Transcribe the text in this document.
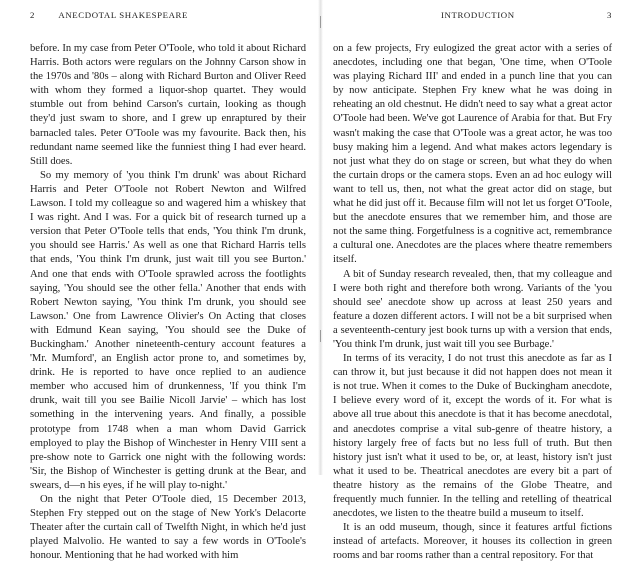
2	ANECDOTAL SHAKESPEARE

before. In my case from Peter O'Toole, who told it about Richard Harris. Both actors were regulars on the Johnny Carson show in the 1970s and '80s – along with Richard Burton and Oliver Reed with whom they formed a liquor-shop quartet. They would stumble out from behind Carson's curtain, looking as though they'd just swam to shore, and I grew up enraptured by their barnacled tales. Peter O'Toole was my favourite. Back then, his redundant name seemed like the funniest thing I had ever heard. Still does.

So my memory of 'you think I'm drunk' was about Richard Harris and Peter O'Toole not Robert Newton and Wilfred Lawson. I told my colleague so and wagered him a whiskey that I was right. And I was. For a quick bit of research turned up a version that Peter O'Toole tells that ends, 'You think I'm drunk, you should see Harris.' As well as one that Richard Harris tells that ends, 'You think I'm drunk, just wait till you see Burton.' And one that ends with O'Toole sprawled across the footlights saying, 'You should see the other fella.' Another that ends with Robert Newton saying, 'You think I'm drunk, you should see Lawson.' One from Lawrence Olivier's On Acting that closes with Edmund Kean saying, 'You should see the Duke of Buckingham.' Another nineteenth-century account features a 'Mr. Mumford', an English actor prone to, and sometimes by, drink. He is reported to have once replied to an audience member who accused him of drunkenness, 'If you think I'm drunk, wait till you see Bailie Nicoll Jarvie' – which has lost something in the intervening years. And finally, a possible prototype from 1748 when a man whom David Garrick employed to play the Bishop of Winchester in Henry VIII sent a pre-show note to Garrick one night with the following words: 'Sir, the Bishop of Winchester is getting drunk at the Bear, and swears, d—n his eyes, if he will play to-night.'

On the night that Peter O'Toole died, 15 December 2013, Stephen Fry stepped out on the stage of New York's Delacorte Theater after the curtain call of Twelfth Night, in which he'd just played Malvolio. He wanted to say a few words in O'Toole's honour. Mentioning that he had worked with him

INTRODUCTION	3

on a few projects, Fry eulogized the great actor with a series of anecdotes, including one that began, 'One time, when O'Toole was playing Richard III' and ended in a punch line that you can by now anticipate. Stephen Fry knew what he was doing in reheating an old chestnut. He didn't need to say what a great actor O'Toole had been. We've got Laurence of Arabia for that. But Fry wasn't making the case that O'Toole was a great actor, he was too busy making him a legend. And what makes actors legendary is not just what they do on stage or screen, but what they do when the curtain drops or the camera stops. Even an ad hoc eulogy will want to tell us, then, not what the great actor did on stage, but what he did just off it. Because film will not let us forget O'Toole, but the anecdote ensures that we remember him, and those are not the same thing. Forgetfulness is a cognitive act, remembrance a cultural one. Anecdotes are the places where theatre remembers itself.

A bit of Sunday research revealed, then, that my colleague and I were both right and therefore both wrong. Variants of the 'you should see' anecdote show up across at least 250 years and feature a dozen different actors. I will not be a bit surprised when a seventeenth-century jest book turns up with a version that ends, 'You think I'm drunk, just wait till you see Burbage.'

In terms of its veracity, I do not trust this anecdote as far as I can throw it, but just because it did not happen does not mean it is not true. When it comes to the Duke of Buckingham anecdote, I believe every word of it, except the words of it. For what is above all true about this anecdote is that it has become anecdotal, and anecdotes comprise a vital sub-genre of theatre history, a history largely free of facts but no less full of truth. But then history just isn't what it used to be, or, at least, history isn't just what it used to be. Theatrical anecdotes are every bit a part of theatre history as the remains of the Globe Theatre, and frequently much funnier. In the telling and retelling of theatrical anecdotes, we listen to the theatre build a museum to itself.

It is an odd museum, though, since it features artful fictions instead of artefacts. Moreover, it houses its collection in green rooms and bar rooms rather than a central repository. For that
